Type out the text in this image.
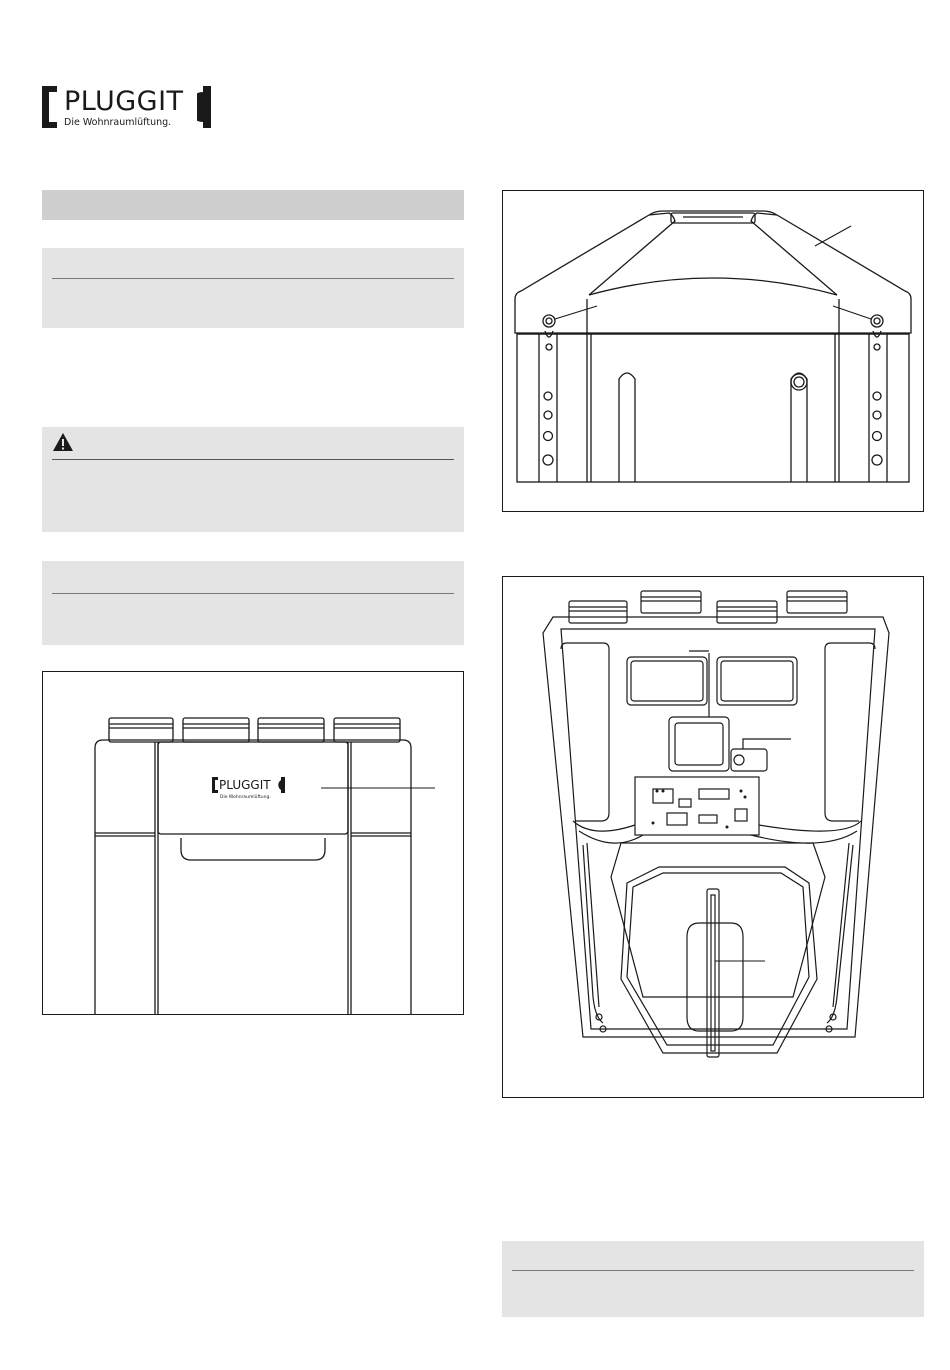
PLUGGIT
Die Wohnraumlüftung.
PLUGGIT
Die Wohnraumlüftung.
